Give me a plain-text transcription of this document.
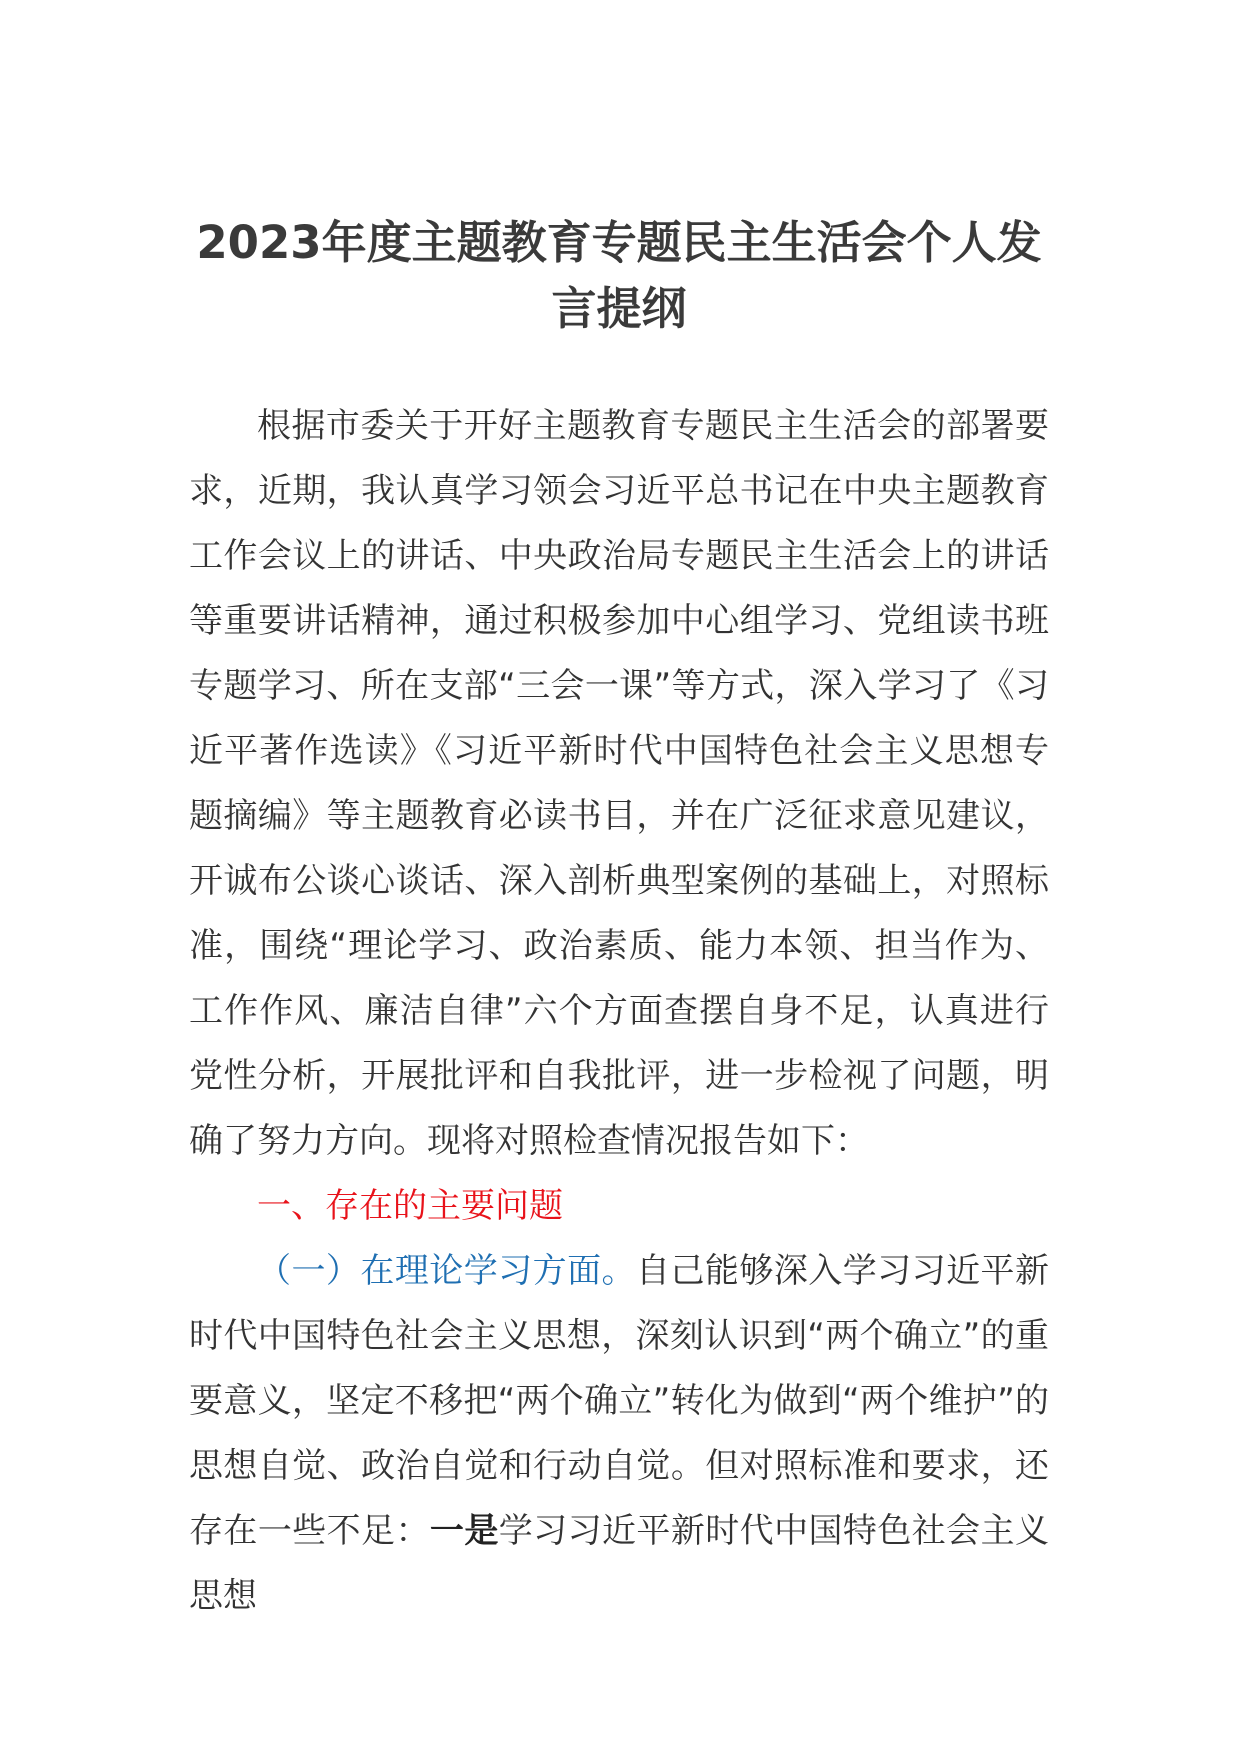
2023年度主题教育专题民主生活会个人发言提纲

根据市委关于开好主题教育专题民主生活会的部署要求，近期，我认真学习领会习近平总书记在中央主题教育工作会议上的讲话、中央政治局专题民主生活会上的讲话等重要讲话精神，通过积极参加中心组学习、党组读书班专题学习、所在支部“三会一课”等方式，深入学习了《习近平著作选读》《习近平新时代中国特色社会主义思想专题摘编》等主题教育必读书目，并在广泛征求意见建议，开诚布公谈心谈话、深入剖析典型案例的基础上，对照标准，围绕“理论学习、政治素质、能力本领、担当作为、工作作风、廉洁自律”六个方面查摆自身不足，认真进行党性分析，开展批评和自我批评，进一步检视了问题，明确了努力方向。现将对照检查情况报告如下：

一、存在的主要问题

（一）在理论学习方面。自己能够深入学习习近平新时代中国特色社会主义思想，深刻认识到“两个确立”的重要意义，坚定不移把“两个确立”转化为做到“两个维护”的思想自觉、政治自觉和行动自觉。但对照标准和要求，还存在一些不足：一是学习习近平新时代中国特色社会主义思想
